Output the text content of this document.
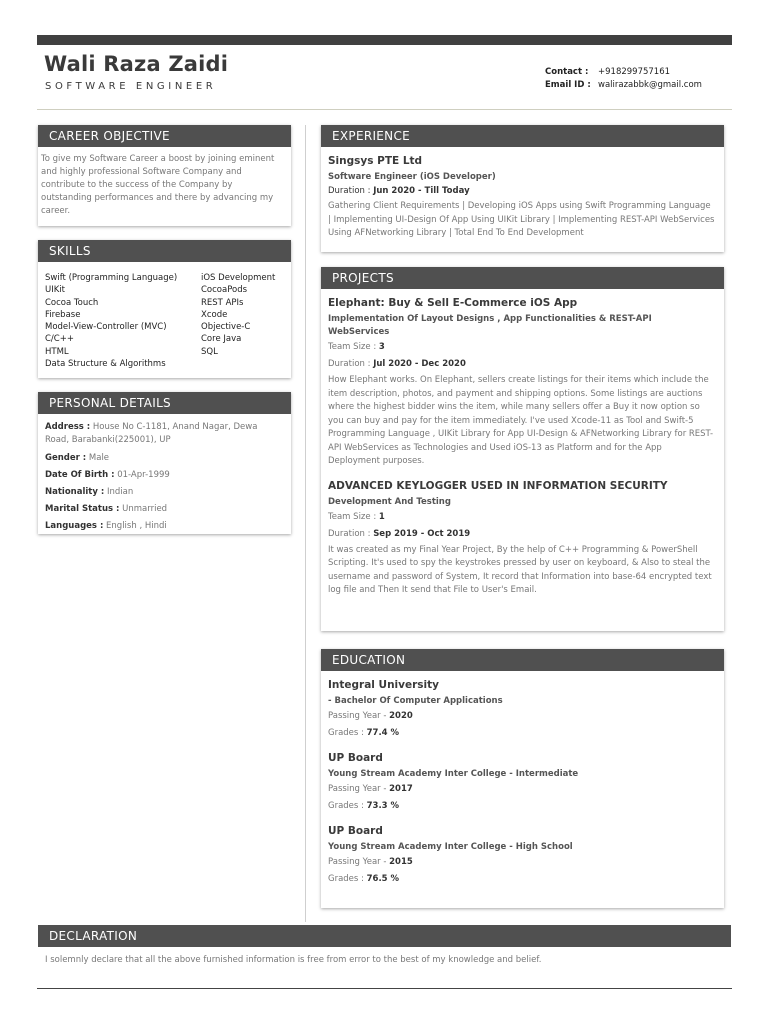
Wali Raza Zaidi
SOFTWARE ENGINEER
Contact :	+918299757161
Email ID : walirazabbk@gmail.com
CAREER OBJECTIVE
To give my Software Career a boost by joining eminent and highly professional Software Company and contribute to the success of the Company by outstanding performances and there by advancing my career.
SKILLS
Swift (Programming Language)
UIKit
Cocoa Touch
Firebase
Model-View-Controller (MVC)
C/C++
HTML
Data Structure & Algorithms
iOS Development
CocoaPods
REST APIs
Xcode
Objective-C
Core Java
SQL
PERSONAL DETAILS
Address : House No C-1181, Anand Nagar, Dewa Road, Barabanki(225001), UP
Gender : Male
Date Of Birth : 01-Apr-1999
Nationality : Indian
Marital Status : Unmarried
Languages : English , Hindi
EXPERIENCE
Singsys PTE Ltd
Software Engineer (iOS Developer)
Duration : Jun 2020 - Till Today
Gathering Client Requirements | Developing iOS Apps using Swift Programming Language | Implementing UI-Design Of App Using UIKit Library | Implementing REST-API WebServices Using AFNetworking Library | Total End To End Development
PROJECTS
Elephant: Buy & Sell E-Commerce iOS App
Implementation Of Layout Designs , App Functionalities & REST-API WebServices
Team Size : 3
Duration : Jul 2020 - Dec 2020
How Elephant works. On Elephant, sellers create listings for their items which include the item description, photos, and payment and shipping options. Some listings are auctions where the highest bidder wins the item, while many sellers offer a Buy it now option so you can buy and pay for the item immediately. I've used Xcode-11 as Tool and Swift-5 Programming Language , UIKit Library for App UI-Design & AFNetworking Library for REST-API WebServices as Technologies and Used iOS-13 as Platform and for the App Deployment purposes.
ADVANCED KEYLOGGER USED IN INFORMATION SECURITY
Development And Testing
Team Size : 1
Duration : Sep 2019 - Oct 2019
It was created as my Final Year Project, By the help of C++ Programming & PowerShell Scripting. It's used to spy the keystrokes pressed by user on keyboard, & Also to steal the username and password of System, It record that Information into base-64 encrypted text log file and Then It send that File to User's Email.
EDUCATION
Integral University
- Bachelor Of Computer Applications
Passing Year - 2020
Grades : 77.4 %
UP Board
Young Stream Academy Inter College - Intermediate
Passing Year - 2017
Grades : 73.3 %
UP Board
Young Stream Academy Inter College - High School
Passing Year - 2015
Grades : 76.5 %
DECLARATION
I solemnly declare that all the above furnished information is free from error to the best of my knowledge and belief.
